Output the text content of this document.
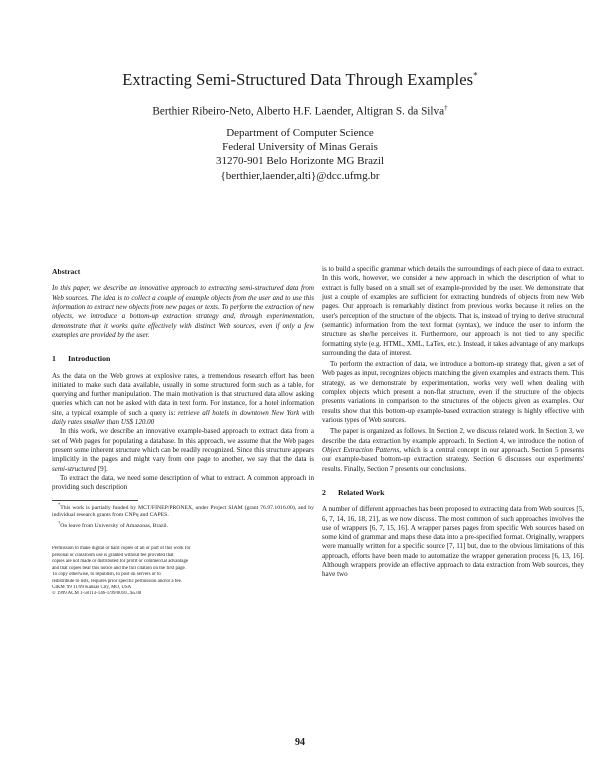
Extracting Semi-Structured Data Through Examples*
Berthier Ribeiro-Neto, Alberto H.F. Laender, Altigran S. da Silva†
Department of Computer Science
Federal University of Minas Gerais
31270-901 Belo Horizonte MG Brazil
{berthier,laender,alti}@dcc.ufmg.br
Abstract

In this paper, we describe an innovative approach to extracting semi-structured data from Web sources. The idea is to collect a couple of example objects from the user and to use this information to extract new objects from new pages or texts. To perform the extraction of new objects, we introduce a bottom-up extraction strategy and, through experimentation, demonstrate that it works quite effectively with distinct Web sources, even if only a few examples are provided by the user.

1 Introduction

As the data on the Web grows at explosive rates, a tremendous research effort has been initiated to make such data available, usually in some structured form such as a table, for querying and further manipulation. The main motivation is that structured data allow asking queries which can not be asked with data in text form. For instance, for a hotel information site, a typical example of such a query is: retrieve all hotels in downtown New York with daily rates smaller than US$ 120.00

In this work, we describe an innovative example-based approach to extract data from a set of Web pages for populating a database. In this approach, we assume that the Web pages present some inherent structure which can be readily recognized. Since this structure appears implicitly in the pages and might vary from one page to another, we say that the data is semi-structured [9].

To extract the data, we need some description of what to extract. A common approach in providing such description

*This work is partially funded by MCT/FINEP/PRONEX, under Project SIAM (grant 76.97.1016.00), and by individual research grants from CNPq and CAPES.
†On leave from University of Amazonas, Brazil.
Permission to make digital or hard copies of all or part of this work for
personal or classroom use is granted without fee provided that
copies are not made or distributed for profit or commercial advantage
and that copies bear this notice and the full citation on the first page.
To copy otherwise, to republish, to post on servers or to
redistribute to lists, requires prior specific permission and/or a fee.
CIKM '99 11/99 Kansas City, MO, USA
© 1999 ACM 1-58113-146-1/99/0010...$5.00

is to build a specific grammar which details the surroundings of each piece of data to extract. In this work, however, we consider a new approach in which the description of what to extract is fully based on a small set of example-provided by the user. We demonstrate that just a couple of examples are sufficient for extracting hundreds of objects from new Web pages. Our approach is remarkably distinct from previous works because it relies on the user's perception of the structure of the objects. That is, instead of trying to derive structural (semantic) information from the text format (syntax), we induce the user to inform the structure as she/he perceives it. Furthermore, our approach is not tied to any specific formatting style (e.g. HTML, XML, LaTex, etc.). Instead, it takes advantage of any markups surrounding the data of interest.

To perform the extraction of data, we introduce a bottom-up strategy that, given a set of Web pages as input, recognizes objects matching the given examples and extracts them. This strategy, as we demonstrate by experimentation, works very well when dealing with complex objects which present a non-flat structure, even if the structure of the objects presents variations in comparison to the structures of the objects given as examples. Our results show that this bottom-up example-based extraction strategy is highly effective with various types of Web sources.

The paper is organized as follows. In Section 2, we discuss related work. In Section 3, we describe the data extraction by example approach. In Section 4, we introduce the notion of Object Extraction Patterns, which is a central concept in our approach. Section 5 presents our example-based bottom-up extraction strategy. Section 6 discusses our experiments' results. Finally, Section 7 presents our conclusions.

2 Related Work

A number of different approaches has been proposed to extracting data from Web sources [5, 6, 7, 14, 16, 18, 21], as we now discuss. The most common of such approaches involves the use of wrappers [6, 7, 15, 16]. A wrapper parses pages from specific Web sources based on some kind of grammar and maps these data into a pre-specified format. Originally, wrappers were manually written for a specific source [7, 11] but, due to the obvious limitations of this approach, efforts have been made to automatize the wrapper generation process [6, 13, 16]. Although wrappers provide an effective approach to data extraction from Web sources, they have two

94
